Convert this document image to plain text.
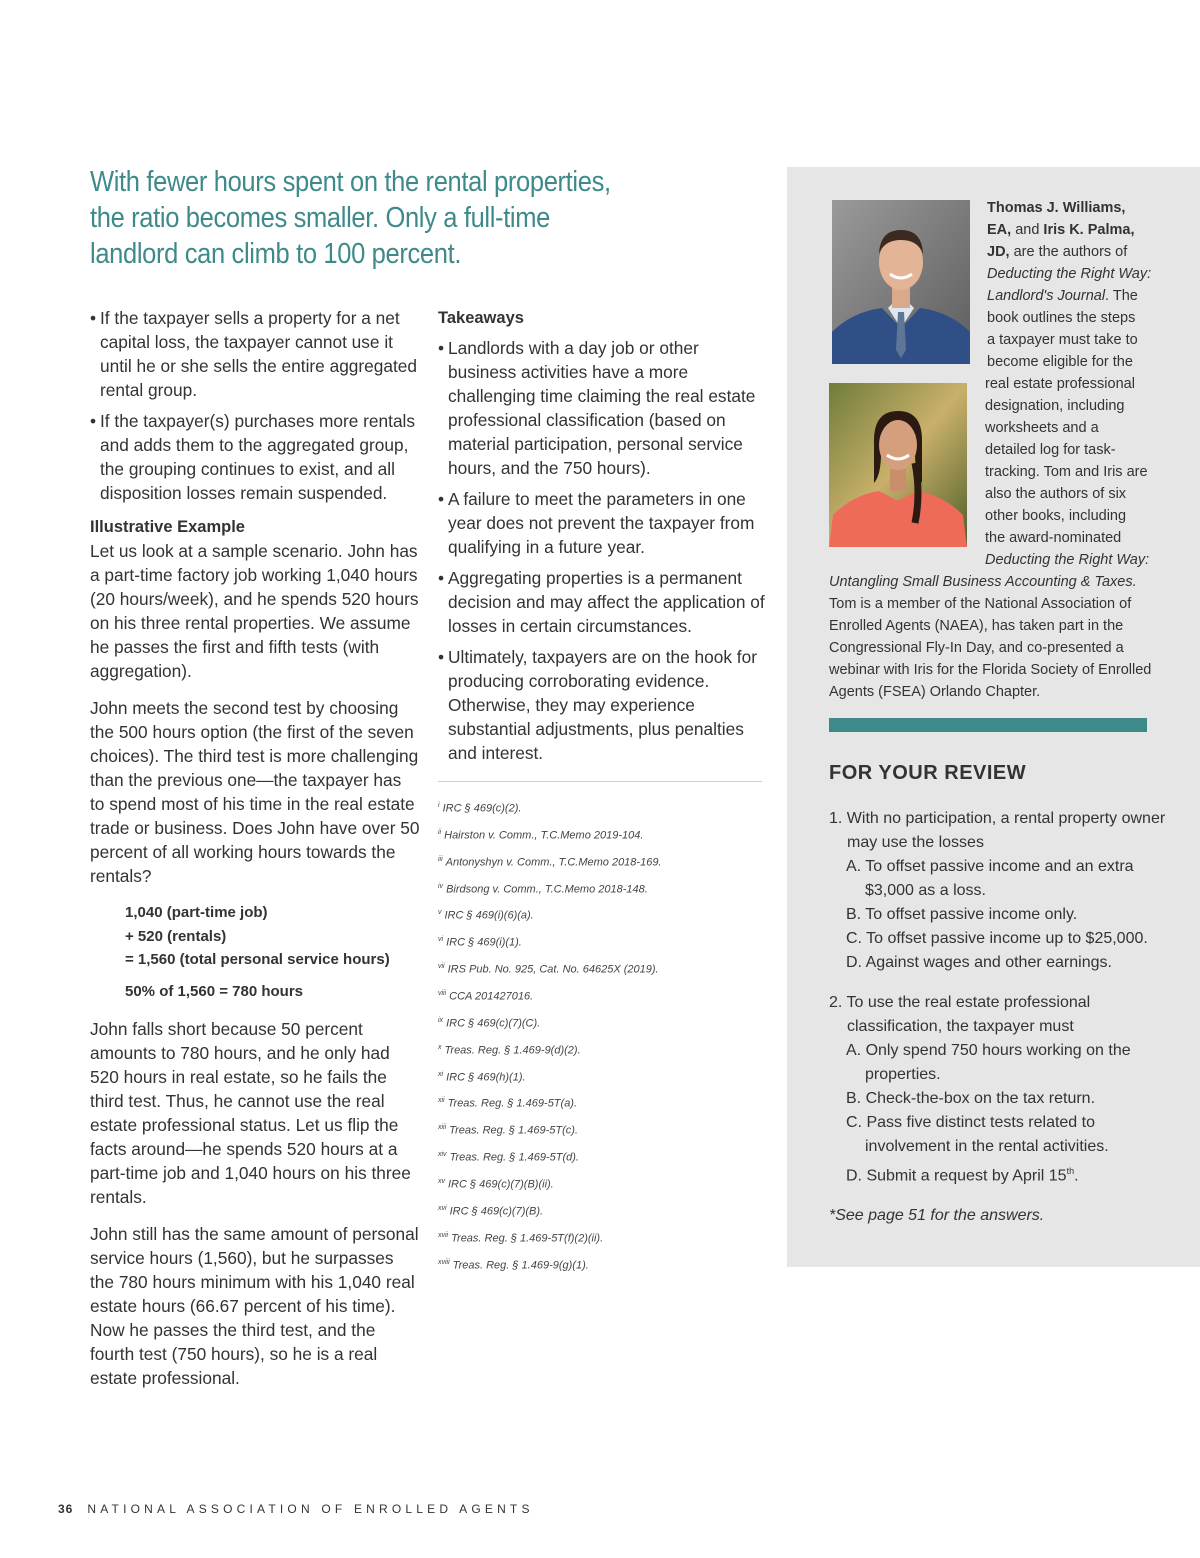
With fewer hours spent on the rental properties, the ratio becomes smaller. Only a full-time landlord can climb to 100 percent.
• If the taxpayer sells a property for a net capital loss, the taxpayer cannot use it until he or she sells the entire aggregated rental group.
• If the taxpayer(s) purchases more rentals and adds them to the aggregated group, the grouping continues to exist, and all disposition losses remain suspended.
Illustrative Example

Let us look at a sample scenario. John has a part-time factory job working 1,040 hours (20 hours/week), and he spends 520 hours on his three rental properties. We assume he passes the first and fifth tests (with aggregation).

John meets the second test by choosing the 500 hours option (the first of the seven choices). The third test is more challenging than the previous one—the taxpayer has to spend most of his time in the real estate trade or business. Does John have over 50 percent of all working hours towards the rentals?

1,040 (part-time job)
+ 520 (rentals)
= 1,560 (total personal service hours)
50% of 1,560 = 780 hours

John falls short because 50 percent amounts to 780 hours, and he only had 520 hours in real estate, so he fails the third test. Thus, he cannot use the real estate professional status. Let us flip the facts around—he spends 520 hours at a part-time job and 1,040 hours on his three rentals.

John still has the same amount of personal service hours (1,560), but he surpasses the 780 hours minimum with his 1,040 real estate hours (66.67 percent of his time). Now he passes the third test, and the fourth test (750 hours), so he is a real estate professional.

Takeaways
• Landlords with a day job or other business activities have a more challenging time claiming the real estate professional classification (based on material participation, personal service hours, and the 750 hours).
• A failure to meet the parameters in one year does not prevent the taxpayer from qualifying in a future year.
• Aggregating properties is a permanent decision and may affect the application of losses in certain circumstances.
• Ultimately, taxpayers are on the hook for producing corroborating evidence. Otherwise, they may experience substantial adjustments, plus penalties and interest.
$^i$ IRC § 469(c)(2).
$^{ii}$ Hairston v. Comm., T.C.Memo 2019-104.
$^{iii}$ Antonyshyn v. Comm., T.C.Memo 2018-169.
$^{iv}$ Birdsong v. Comm., T.C.Memo 2018-148.
$^v$ IRC § 469(i)(6)(a).
$^{vi}$ IRC § 469(i)(1).
$^{vii}$ IRS Pub. No. 925, Cat. No. 64625X (2019).
$^{viii}$ CCA 201427016.
$^{ix}$ IRC § 469(c)(7)(C).
$^x$ Treas. Reg. § 1.469-9(d)(2).
$^{xi}$ IRC § 469(h)(1).
$^{xii}$ Treas. Reg. § 1.469-5T(a).
$^{xiii}$ Treas. Reg. § 1.469-5T(c).
$^{xiv}$ Treas. Reg. § 1.469-5T(d).
$^{xv}$ IRC § 469(c)(7)(B)(ii).
$^{xvi}$ IRC § 469(c)(7)(B).
$^{xvii}$ Treas. Reg. § 1.469-5T(f)(2)(ii).
$^{xviii}$ Treas. Reg. § 1.469-9(g)(1).
Thomas J. Williams,
EA, and Iris K. Palma,
JD, are the authors of
Deducting the Right Way:
Landlord's Journal. The
book outlines the steps
a taxpayer must take to
become eligible for the
real estate professional
designation, including
worksheets and a
detailed log for task-
tracking. Tom and Iris are
also the authors of six
other books, including
the award-nominated
Deducting the Right Way:
Untangling Small Business Accounting & Taxes.
Tom is a member of the National Association of Enrolled Agents (NAEA), has taken part in the Congressional Fly-In Day, and co-presented a webinar with Iris for the Florida Society of Enrolled Agents (FSEA) Orlando Chapter.
FOR YOUR REVIEW
1. With no participation, a rental property owner may use the losses
A. To offset passive income and an extra $3,000 as a loss.
B. To offset passive income only.
C. To offset passive income up to $25,000.
D. Against wages and other earnings.
2. To use the real estate professional classification, the taxpayer must
A. Only spend 750 hours working on the properties.
B. Check-the-box on the tax return.
C. Pass five distinct tests related to involvement in the rental activities.
D. Submit a request by April 15th.
*See page 51 for the answers.
36 NATIONAL ASSOCIATION OF ENROLLED AGENTS
